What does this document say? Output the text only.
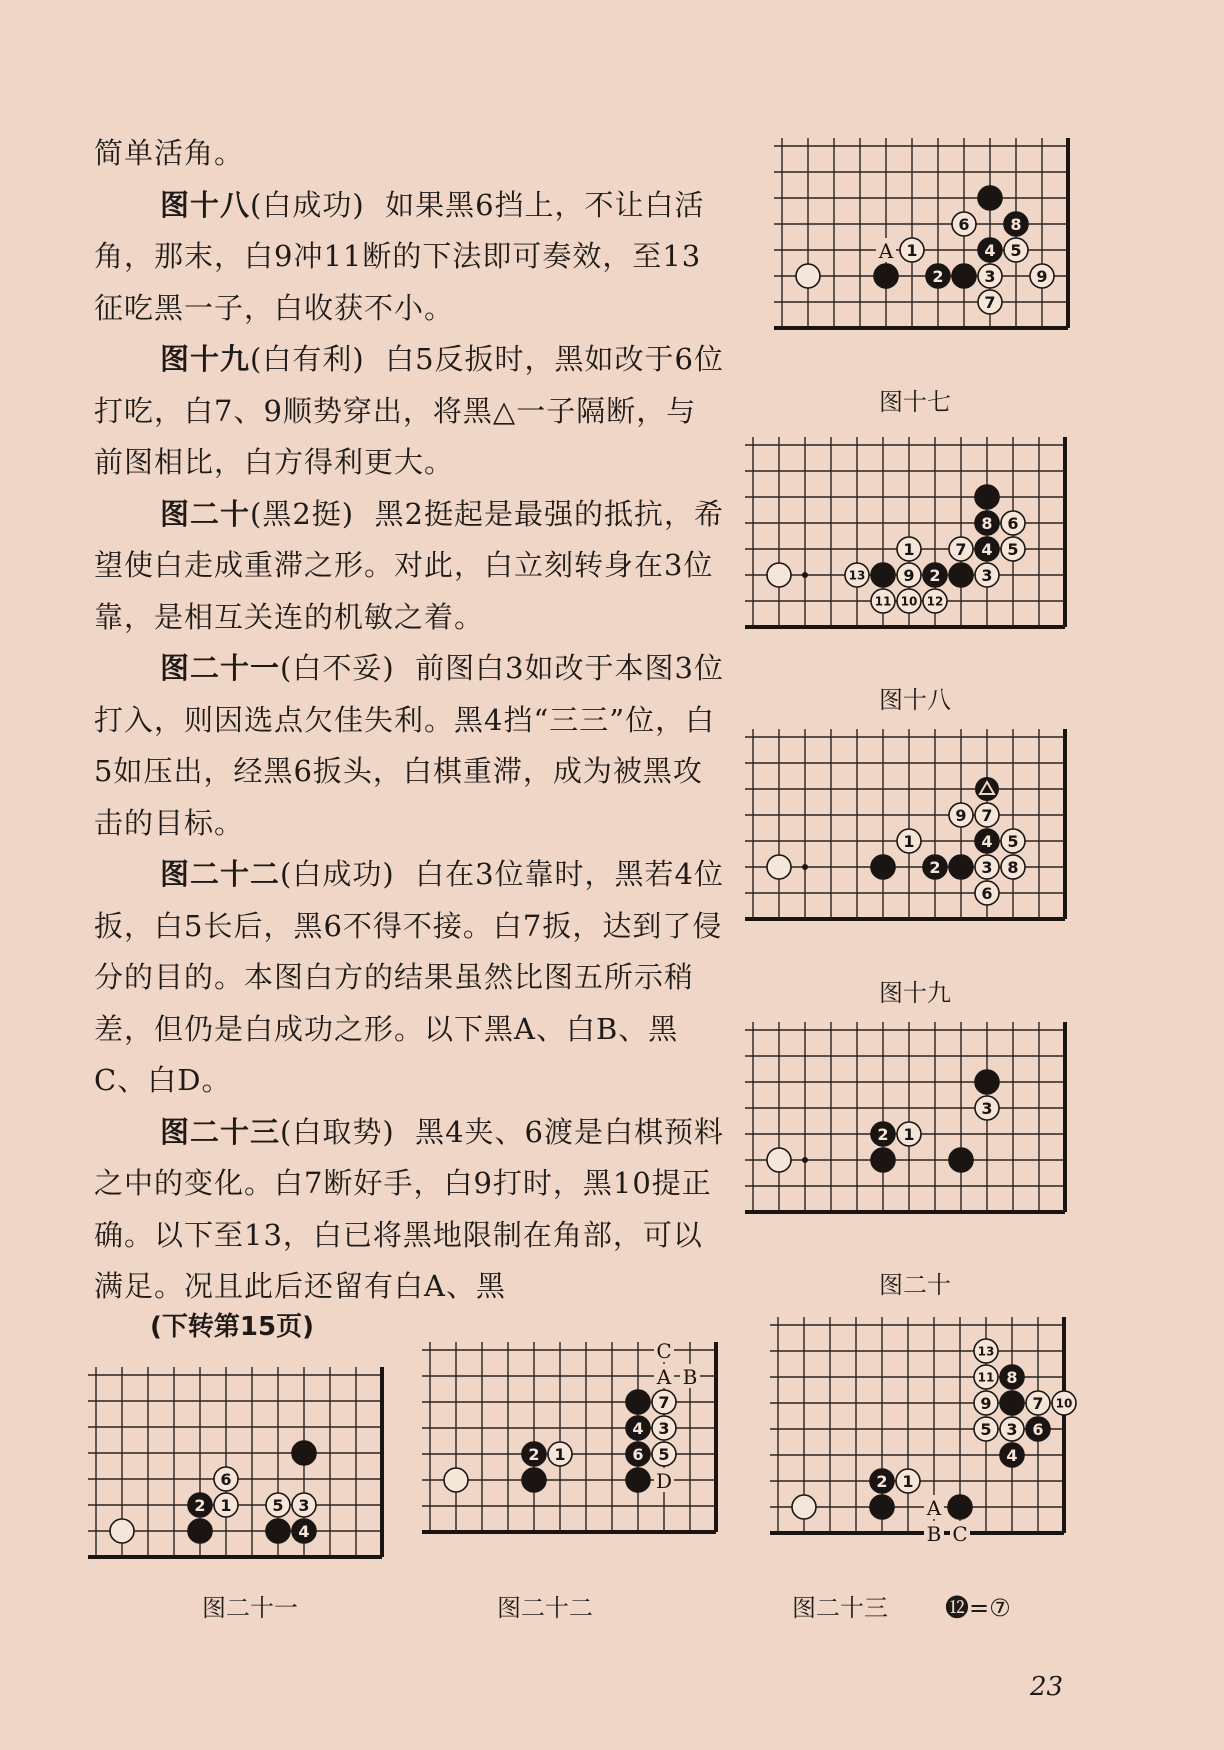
简单活角。

图十八(白成功) 如果黑6挡上，不让白活角，那末，白9冲11断的下法即可奏效，至13征吃黑一子，白收获不小。

图十九(白有利) 白5反扳时，黑如改于6位打吃，白7、9顺势穿出，将黑△一子隔断，与前图相比，白方得利更大。

图二十(黑2挺) 黑2挺起是最强的抵抗，希望使白走成重滞之形。对此，白立刻转身在3位靠，是相互关连的机敏之着。

图二十一(白不妥) 前图白3如改于本图3位打入，则因选点欠佳失利。黑4挡“三三”位，白5如压出，经黑6扳头，白棋重滞，成为被黑攻击的目标。

图二十二(白成功) 白在3位靠时，黑若4位扳，白5长后，黑6不得不接。白7扳，达到了侵分的目的。本图白方的结果虽然比图五所示稍差，但仍是白成功之形。以下黑A、白B、黑C、白D。

图二十三(白取势) 黑4夹、6渡是白棋预料之中的变化。白7断好手，白9打时，黑10提正确。以下至13，白已将黑地限制在角部，可以满足。况且此后还留有白A、黑

(下转第15页)
A 1
6	8
4 5
2	3	9
7
图十七
8 6
1	7 4 5
13 9 2	3
11 10 12
图十八
9 7
1	4 5
2	3 8
6
图十九
3
2 1
图二十
6
2 1	5 3
4
图二十一
C
A B
D
7
4 3
2 1	6 5
图二十二
A
B C
13
11 8
9	7 10
5 3 6
4
2 1
图二十三	⓬=⑦
23
